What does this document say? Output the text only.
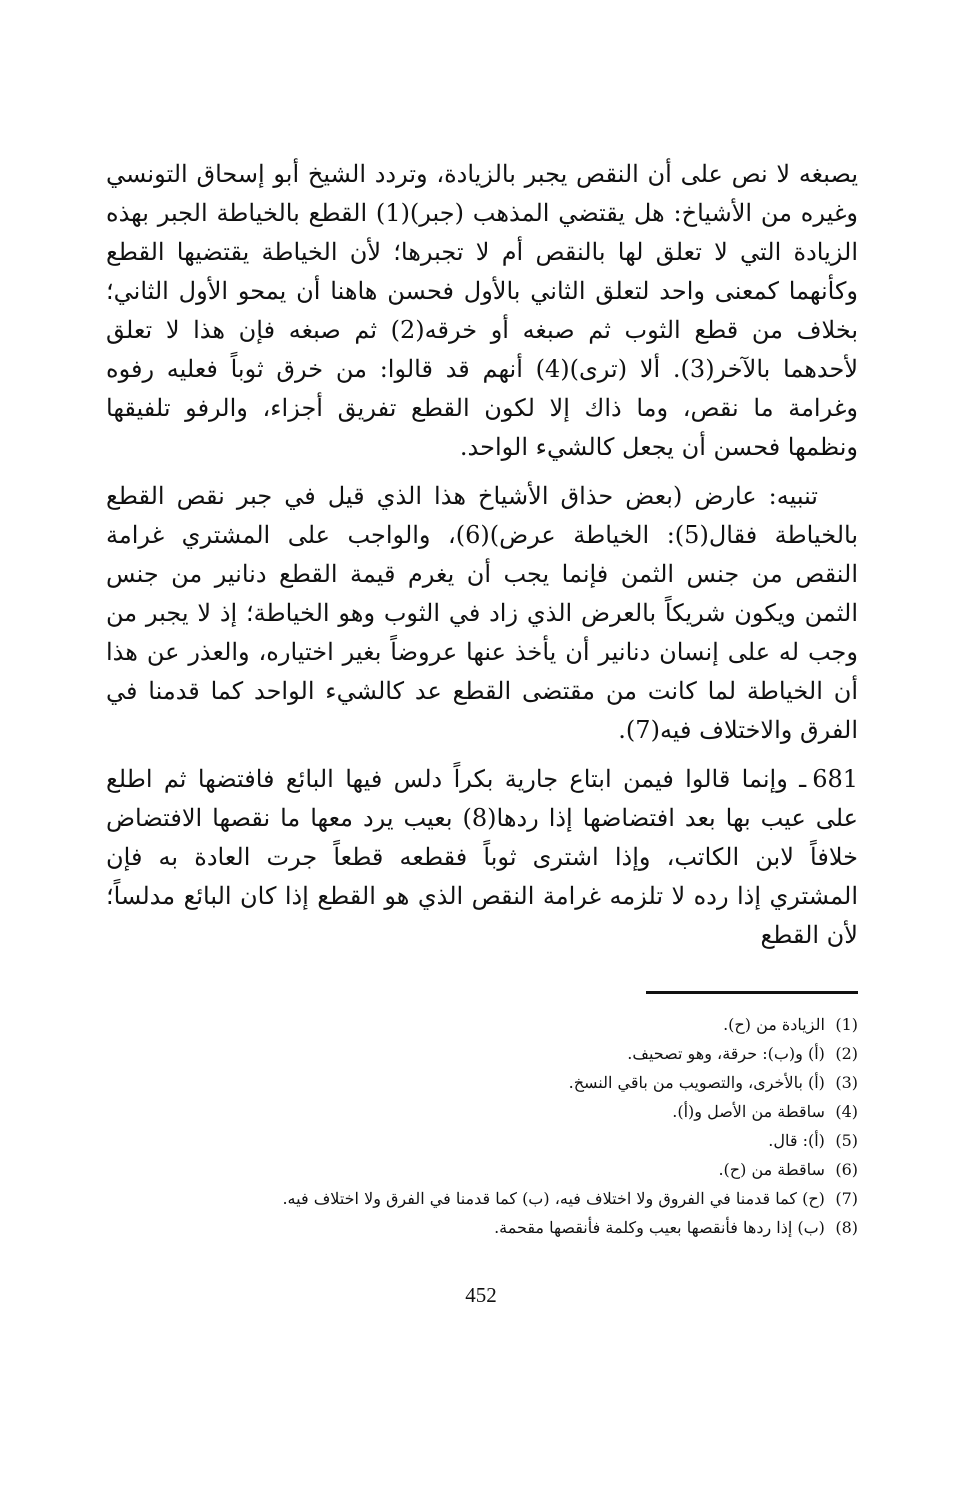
يصبغه لا نص على أن النقص يجبر بالزيادة، وتردد الشيخ أبو إسحاق التونسي وغيره من الأشياخ: هل يقتضي المذهب (جبر)(1) القطع بالخياطة الجبر بهذه الزيادة التي لا تعلق لها بالنقص أم لا تجبرها؛ لأن الخياطة يقتضيها القطع وكأنهما كمعنى واحد لتعلق الثاني بالأول فحسن هاهنا أن يمحو الأول الثاني؛ بخلاف من قطع الثوب ثم صبغه أو خرقه(2) ثم صبغه فإن هذا لا تعلق لأحدهما بالآخر(3). ألا (ترى)(4) أنهم قد قالوا: من خرق ثوباً فعليه رفوه وغرامة ما نقص، وما ذاك إلا لكون القطع تفريق أجزاء، والرفو تلفيقها ونظمها فحسن أن يجعل كالشيء الواحد.

تنبيه: عارض (بعض حذاق الأشياخ هذا الذي قيل في جبر نقص القطع بالخياطة فقال(5): الخياطة عرض)(6)، والواجب على المشتري غرامة النقص من جنس الثمن فإنما يجب أن يغرم قيمة القطع دنانير من جنس الثمن ويكون شريكاً بالعرض الذي زاد في الثوب وهو الخياطة؛ إذ لا يجبر من وجب له على إنسان دنانير أن يأخذ عنها عروضاً بغير اختياره، والعذر عن هذا أن الخياطة لما كانت من مقتضى القطع عد كالشيء الواحد كما قدمنا في الفرق والاختلاف فيه(7).

681ـ وإنما قالوا فيمن ابتاع جارية بكراً دلس فيها البائع فافتضها ثم اطلع على عيب بها بعد افتضاضها إذا ردها(8) بعيب يرد معها ما نقصها الافتضاض خلافاً لابن الكاتب، وإذا اشترى ثوباً فقطعه قطعاً جرت العادة به فإن المشتري إذا رده لا تلزمه غرامة النقص الذي هو القطع إذا كان البائع مدلساً؛ لأن القطع

(1) الزيادة من (ح).

(2) (أ) و(ب): حرقة، وهو تصحيف.

(3) (أ) بالأخرى، والتصويب من باقي النسخ.

(4) ساقطة من الأصل و(أ).

(5) (أ): قال.

(6) ساقطة من (ح).

(7) (ح) كما قدمنا في الفروق ولا اختلاف فيه، (ب) كما قدمنا في الفرق ولا اختلاف فيه.

(8) (ب) إذا ردها فأنقصها بعيب وكلمة فأنقصها مقحمة.

452
